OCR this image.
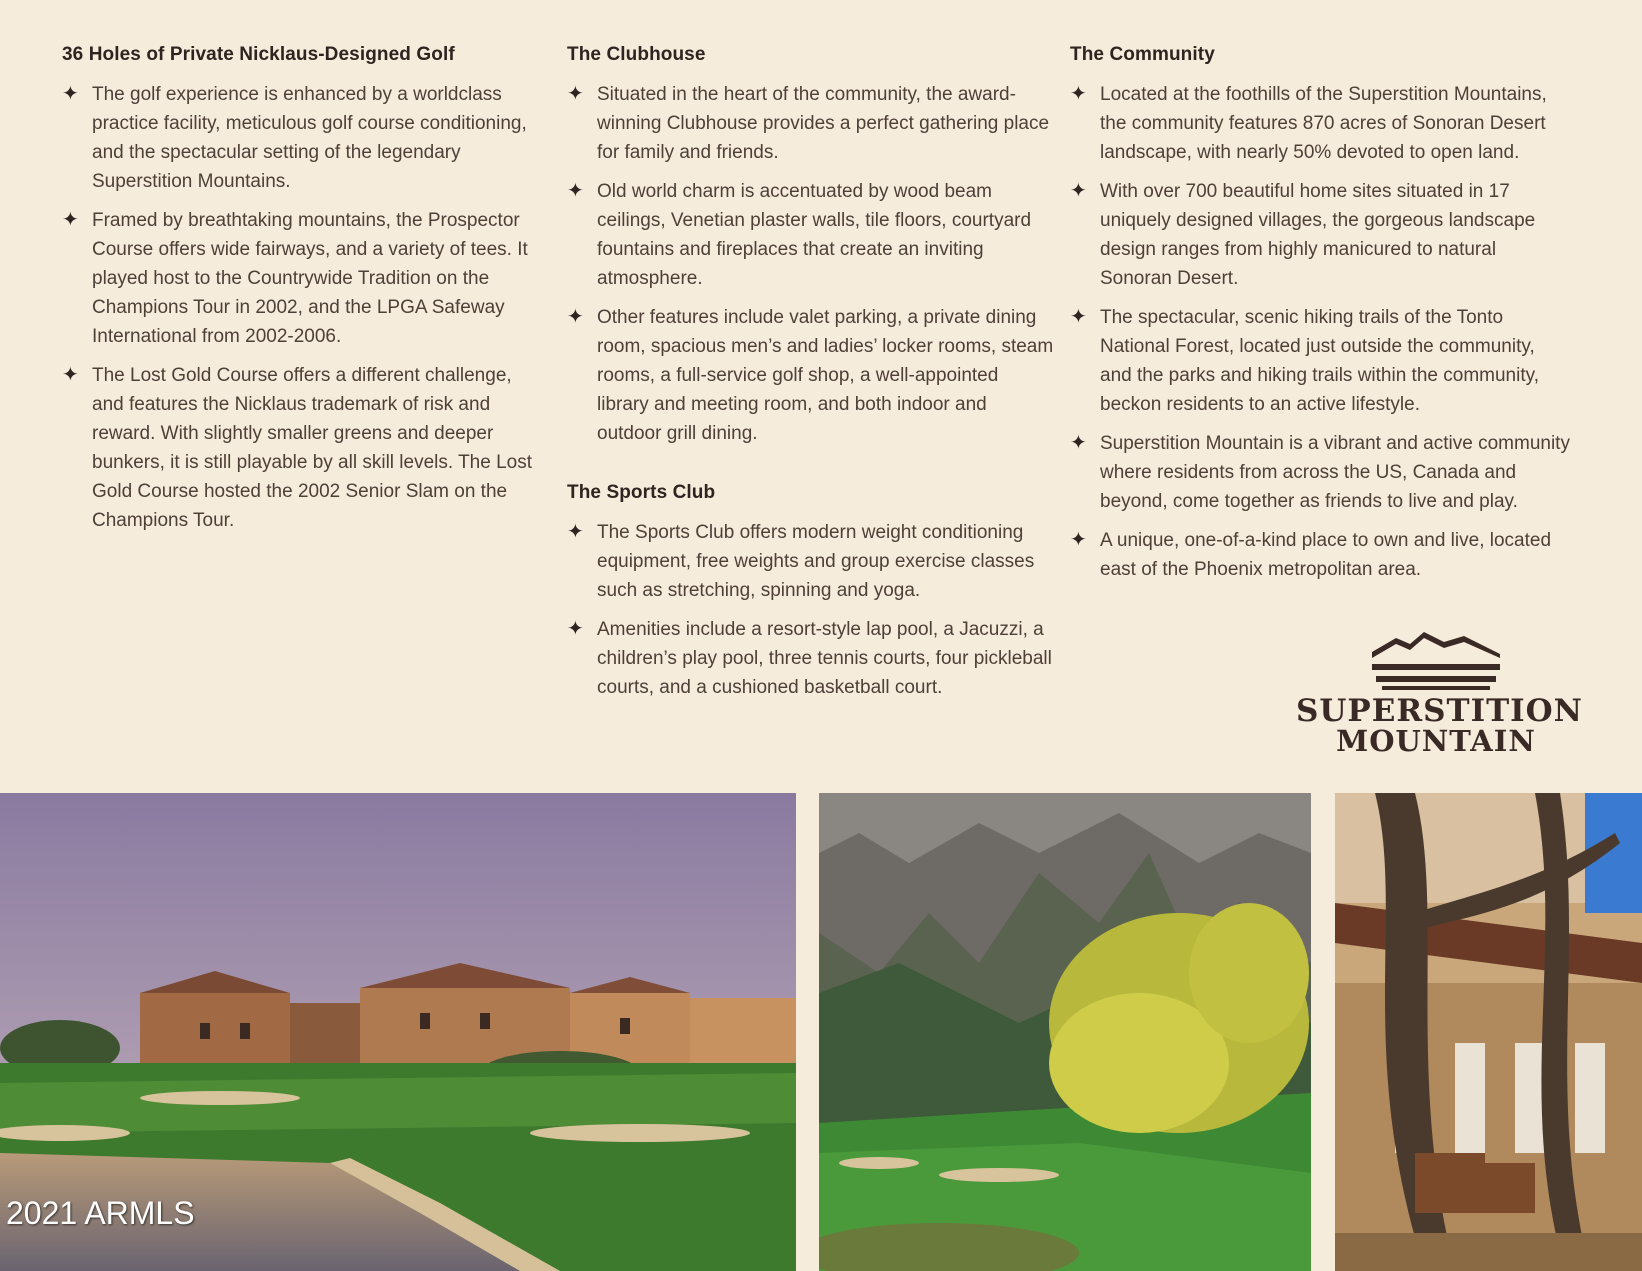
36 Holes of Private Nicklaus-Designed Golf
✦ The golf experience is enhanced by a worldclass practice facility, meticulous golf course conditioning, and the spectacular setting of the legendary Superstition Mountains.
✦ Framed by breathtaking mountains, the Prospector Course offers wide fairways, and a variety of tees. It played host to the Countrywide Tradition on the Champions Tour in 2002, and the LPGA Safeway International from 2002-2006.
✦ The Lost Gold Course offers a different challenge, and features the Nicklaus trademark of risk and reward. With slightly smaller greens and deeper bunkers, it is still playable by all skill levels. The Lost Gold Course hosted the 2002 Senior Slam on the Champions Tour.
The Clubhouse
✦ Situated in the heart of the community, the award-winning Clubhouse provides a perfect gathering place for family and friends.
✦ Old world charm is accentuated by wood beam ceilings, Venetian plaster walls, tile floors, courtyard fountains and fireplaces that create an inviting atmosphere.
✦ Other features include valet parking, a private dining room, spacious men’s and ladies’ locker rooms, steam rooms, a full-service golf shop, a well-appointed library and meeting room, and both indoor and outdoor grill dining.
The Sports Club
✦ The Sports Club offers modern weight conditioning equipment, free weights and group exercise classes such as stretching, spinning and yoga.
✦ Amenities include a resort-style lap pool, a Jacuzzi, a children’s play pool, three tennis courts, four pickleball courts, and a cushioned basketball court.
The Community
✦ Located at the foothills of the Superstition Mountains, the community features 870 acres of Sonoran Desert landscape, with nearly 50% devoted to open land.
✦ With over 700 beautiful home sites situated in 17 uniquely designed villages, the gorgeous landscape design ranges from highly manicured to natural Sonoran Desert.
✦ The spectacular, scenic hiking trails of the Tonto National Forest, located just outside the community, and the parks and hiking trails within the community, beckon residents to an active lifestyle.
✦ Superstition Mountain is a vibrant and active community where residents from across the US, Canada and beyond, come together as friends to live and play.
✦ A unique, one-of-a-kind place to own and live, located east of the Phoenix metropolitan area.
SUPERSTITION
MOUNTAIN
2021 ARMLS
